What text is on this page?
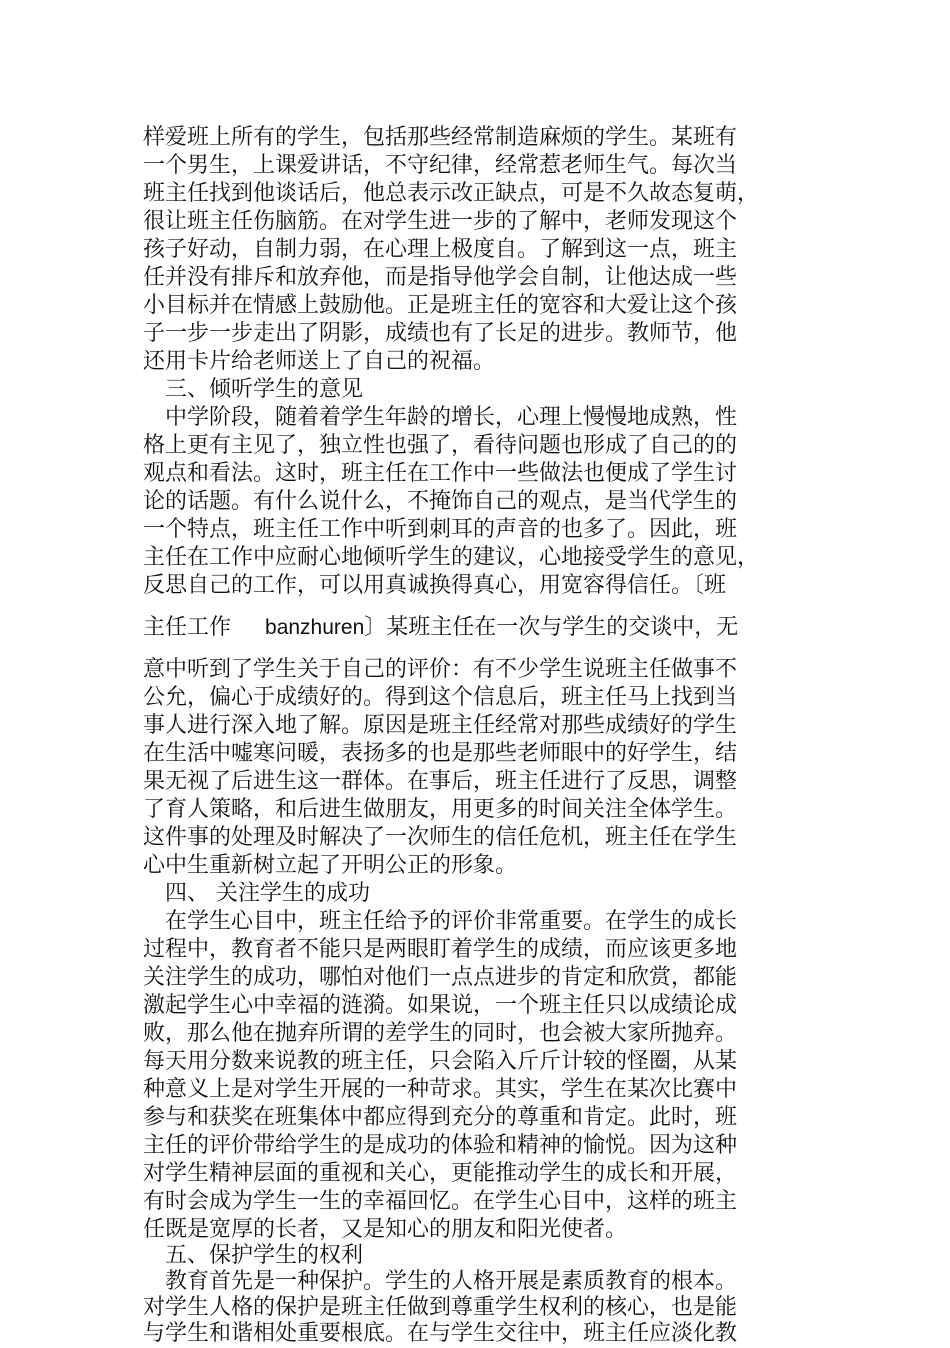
样爱班上所有的学生，包括那些经常制造麻烦的学生。某班有
一个男生，上课爱讲话，不守纪律，经常惹老师生气。每次当
班主任找到他谈话后，他总表示改正缺点，可是不久故态复萌，
很让班主任伤脑筋。在对学生进一步的了解中，老师发现这个
孩子好动，自制力弱，在心理上极度自。了解到这一点，班主
任并没有排斥和放弃他，而是指导他学会自制，让他达成一些
小目标并在情感上鼓励他。正是班主任的宽容和大爱让这个孩
子一步一步走出了阴影，成绩也有了长足的进步。教师节，他
还用卡片给老师送上了自己的祝福。
三、倾听学生的意见
中学阶段，随着着学生年龄的增长，心理上慢慢地成熟，性
格上更有主见了，独立性也强了，看待问题也形成了自己的的
观点和看法。这时，班主任在工作中一些做法也便成了学生讨
论的话题。有什么说什么，不掩饰自己的观点，是当代学生的
一个特点，班主任工作中听到刺耳的声音的也多了。因此，班
主任在工作中应耐心地倾听学生的建议，心地接受学生的意见，
反思自己的工作，可以用真诚换得真心，用宽容得信任。〔班
主任工作 banzhuren〕某班主任在一次与学生的交谈中，无
意中听到了学生关于自己的评价：有不少学生说班主任做事不
公允，偏心于成绩好的。得到这个信息后，班主任马上找到当
事人进行深入地了解。原因是班主任经常对那些成绩好的学生
在生活中嘘寒问暖，表扬多的也是那些老师眼中的好学生，结
果无视了后进生这一群体。在事后，班主任进行了反思，调整
了育人策略，和后进生做朋友，用更多的时间关注全体学生。
这件事的处理及时解决了一次师生的信任危机，班主任在学生
心中生重新树立起了开明公正的形象。
四、 关注学生的成功
在学生心目中，班主任给予的评价非常重要。在学生的成长
过程中，教育者不能只是两眼盯着学生的成绩，而应该更多地
关注学生的成功，哪怕对他们一点点进步的肯定和欣赏，都能
激起学生心中幸福的涟漪。如果说，一个班主任只以成绩论成
败，那么他在抛弃所谓的差学生的同时，也会被大家所抛弃。
每天用分数来说教的班主任，只会陷入斤斤计较的怪圈，从某
种意义上是对学生开展的一种苛求。其实，学生在某次比赛中
参与和获奖在班集体中都应得到充分的尊重和肯定。此时，班
主任的评价带给学生的是成功的体验和精神的愉悦。因为这种
对学生精神层面的重视和关心，更能推动学生的成长和开展，
有时会成为学生一生的幸福回忆。在学生心目中，这样的班主
任既是宽厚的长者，又是知心的朋友和阳光使者。
五、保护学生的权利
教育首先是一种保护。学生的人格开展是素质教育的根本。
对学生人格的保护是班主任做到尊重学生权利的核心，也是能
与学生和谐相处重要根底。在与学生交往中，班主任应淡化教
